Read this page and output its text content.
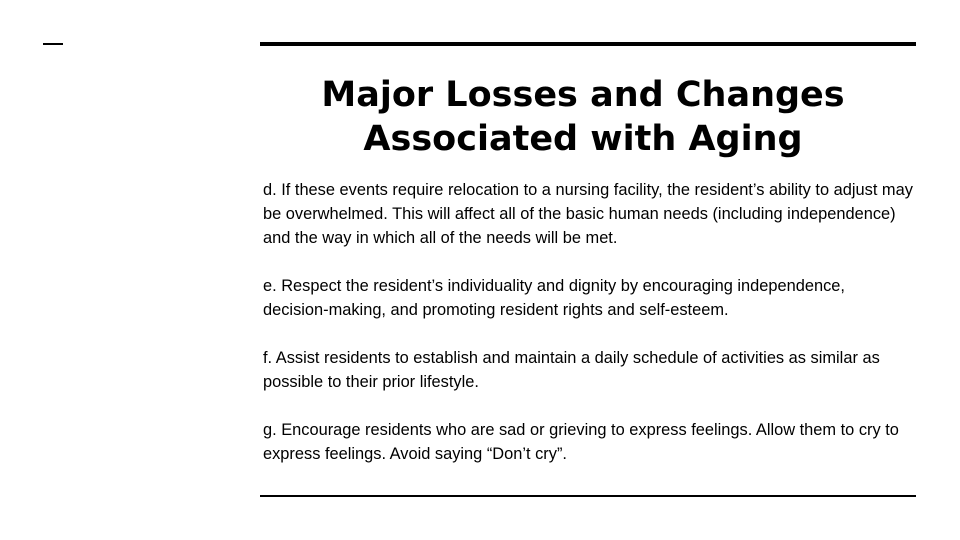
Major Losses and Changes Associated with Aging

d. If these events require relocation to a nursing facility, the resident’s ability to adjust may be overwhelmed. This will affect all of the basic human needs (including independence) and the way in which all of the needs will be met.

e. Respect the resident’s individuality and dignity by encouraging independence, decision-making, and promoting resident rights and self-esteem.

f. Assist residents to establish and maintain a daily schedule of activities as similar as possible to their prior lifestyle.

g. Encourage residents who are sad or grieving to express feelings. Allow them to cry to express feelings. Avoid saying “Don’t cry”.
